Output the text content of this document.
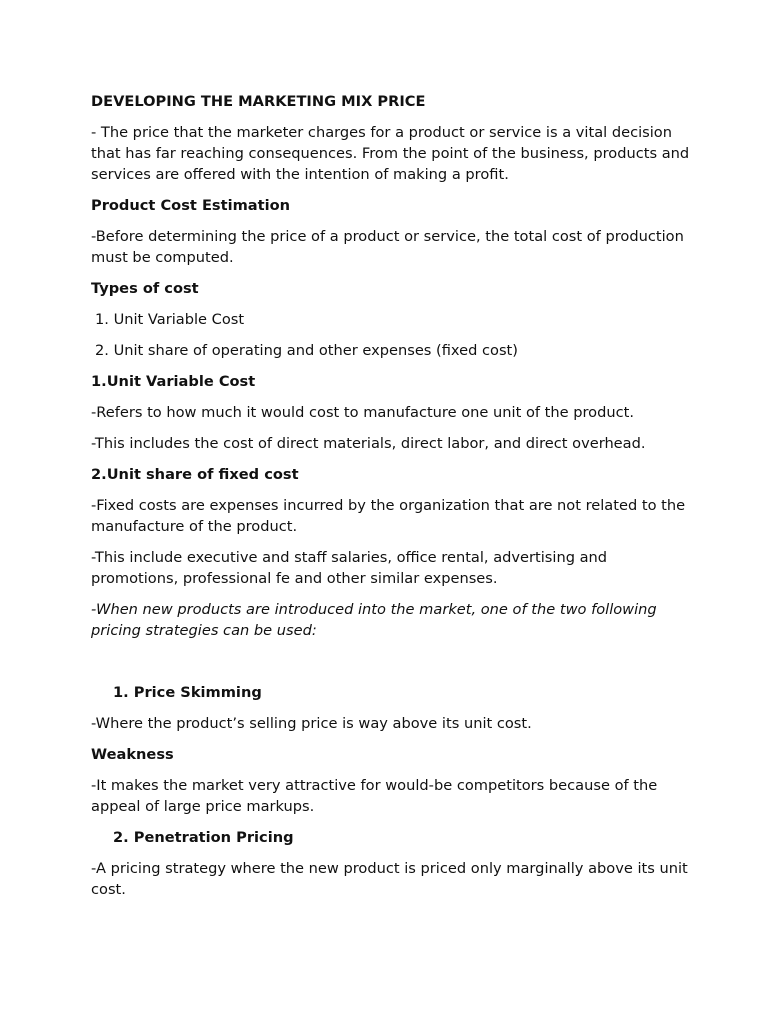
DEVELOPING THE MARKETING MIX PRICE

- The price that the marketer charges for a product or service is a vital decision that has far reaching consequences. From the point of the business, products and services are offered with the intention of making a profit.

Product Cost Estimation

-Before determining the price of a product or service, the total cost of production must be computed.

Types of cost

1. Unit Variable Cost

2. Unit share of operating and other expenses (fixed cost)

1.Unit Variable Cost

-Refers to how much it would cost to manufacture one unit of the product.

-This includes the cost of direct materials, direct labor, and direct overhead.

2.Unit share of fixed cost

-Fixed costs are expenses incurred by the organization that are not related to the manufacture of the product.

-This include executive and staff salaries, office rental, advertising and promotions, professional fe and other similar expenses.

-When new products are introduced into the market, one of the two following pricing strategies can be used:

1. Price Skimming

-Where the product’s selling price is way above its unit cost.

Weakness

-It makes the market very attractive for would-be competitors because of the appeal of large price markups.

2. Penetration Pricing

-A pricing strategy where the new product is priced only marginally above its unit cost.
